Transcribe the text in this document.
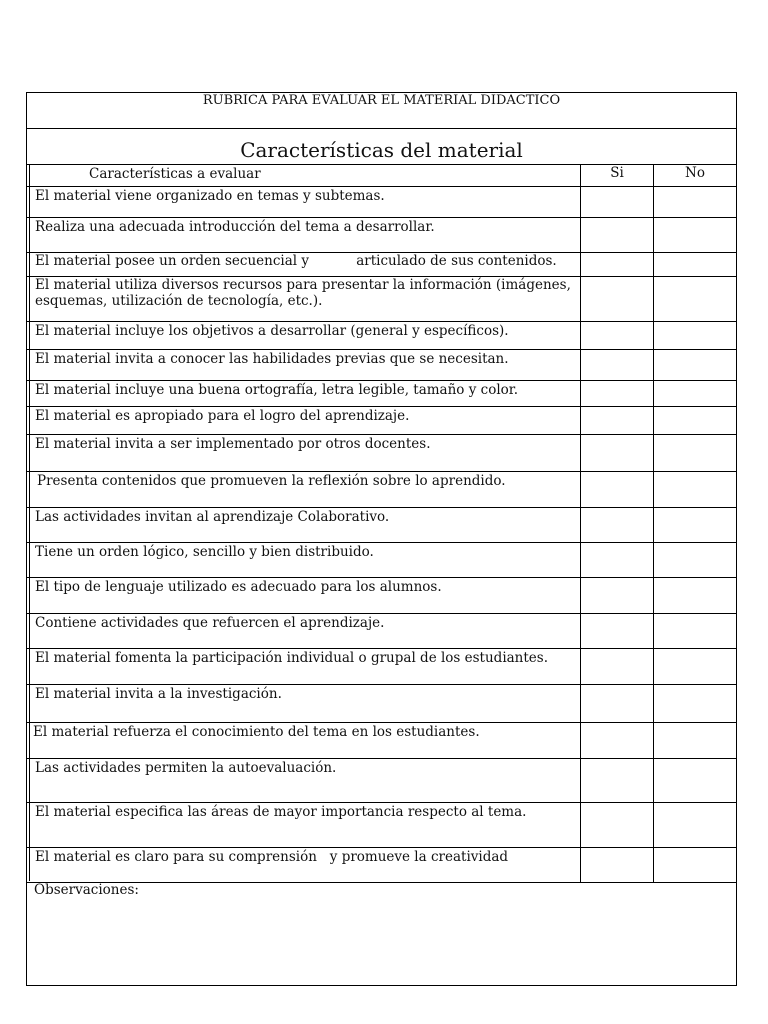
RUBRICA PARA EVALUAR EL MATERIAL DIDACTICO
Características del material
Características a evaluar	Si	No
El material viene organizado en temas y subtemas.
Realiza una adecuada introducción del tema a desarrollar.
El material posee un orden secuencial y           articulado de sus contenidos.
El material utiliza diversos recursos para presentar la información (imágenes, esquemas, utilización de tecnología, etc.).
El material incluye los objetivos a desarrollar (general y específicos).
El material invita a conocer las habilidades previas que se necesitan.
El material incluye una buena ortografía, letra legible, tamaño y color.
El material es apropiado para el logro del aprendizaje.
El material invita a ser implementado por otros docentes.
Presenta contenidos que promueven la reflexión sobre lo aprendido.
Las actividades invitan al aprendizaje Colaborativo.
Tiene un orden lógico, sencillo y bien distribuido.
El tipo de lenguaje utilizado es adecuado para los alumnos.
Contiene actividades que refuercen el aprendizaje.
El material fomenta la participación individual o grupal de los estudiantes.
El material invita a la investigación.
El material refuerza el conocimiento del tema en los estudiantes.
Las actividades permiten la autoevaluación.
El material especifica las áreas de mayor importancia respecto al tema.
El material es claro para su comprensión   y promueve la creatividad
Observaciones:
